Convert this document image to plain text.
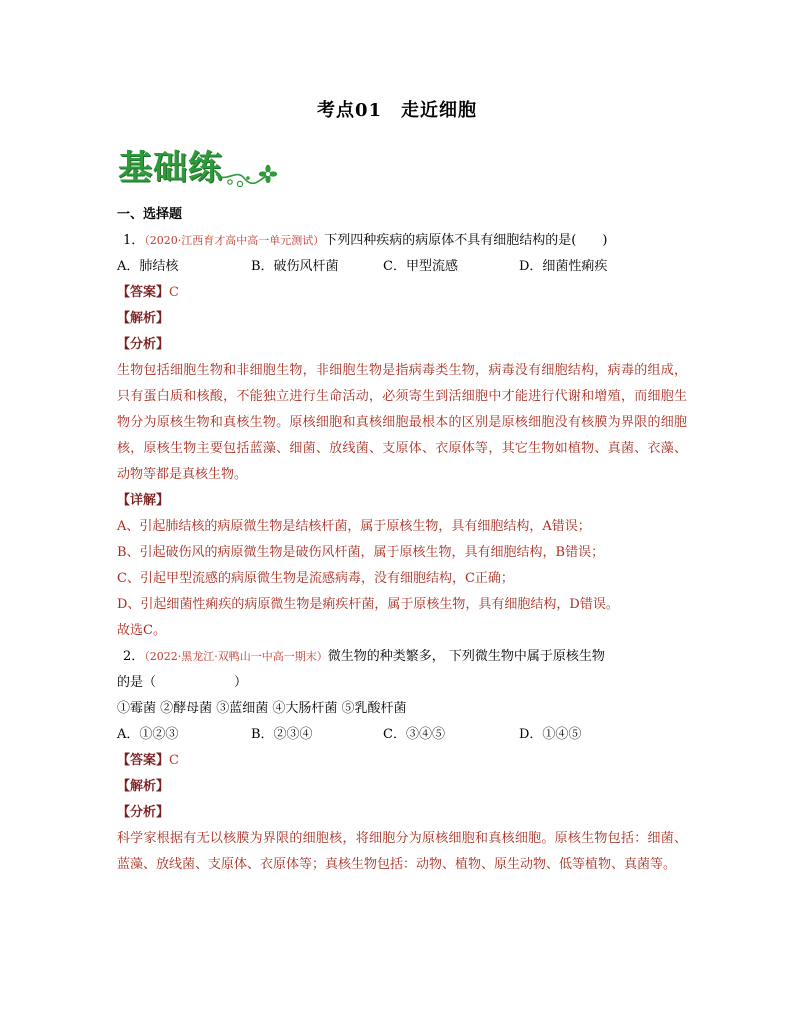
考点01　走近细胞
基础练
一、选择题
1．（2020·江西育才高中高一单元测试）下列四种疾病的病原体不具有细胞结构的是(　　)
A．肺结核	B．破伤风杆菌	C．甲型流感	D．细菌性痢疾
【答案】C
【解析】
【分析】
生物包括细胞生物和非细胞生物，非细胞生物是指病毒类生物，病毒没有细胞结构，病毒的组成，只有蛋白质和核酸，不能独立进行生命活动，必须寄生到活细胞中才能进行代谢和增殖，而细胞生物分为原核生物和真核生物。原核细胞和真核细胞最根本的区别是原核细胞没有核膜为界限的细胞核，原核生物主要包括蓝藻、细菌、放线菌、支原体、衣原体等，其它生物如植物、真菌、衣藻、动物等都是真核生物。
【详解】
A、引起肺结核的病原微生物是结核杆菌，属于原核生物，具有细胞结构，A错误；
B、引起破伤风的病原微生物是破伤风杆菌，属于原核生物，具有细胞结构，B错误；
C、引起甲型流感的病原微生物是流感病毒，没有细胞结构，C正确；
D、引起细菌性痢疾的病原微生物是痢疾杆菌，属于原核生物，具有细胞结构，D错误。
故选C。
2．（2022·黑龙江·双鸭山一中高一期末）微生物的种类繁多， 下列微生物中属于原核生物
的是（　　　　　　）
①霉菌 ②酵母菌 ③蓝细菌 ④大肠杆菌 ⑤乳酸杆菌
A．①②③	B．②③④	C．③④⑤	D．①④⑤
【答案】C
【解析】
【分析】
科学家根据有无以核膜为界限的细胞核，将细胞分为原核细胞和真核细胞。原核生物包括：细菌、蓝藻、放线菌、支原体、衣原体等；真核生物包括：动物、植物、原生动物、低等植物、真菌等。
